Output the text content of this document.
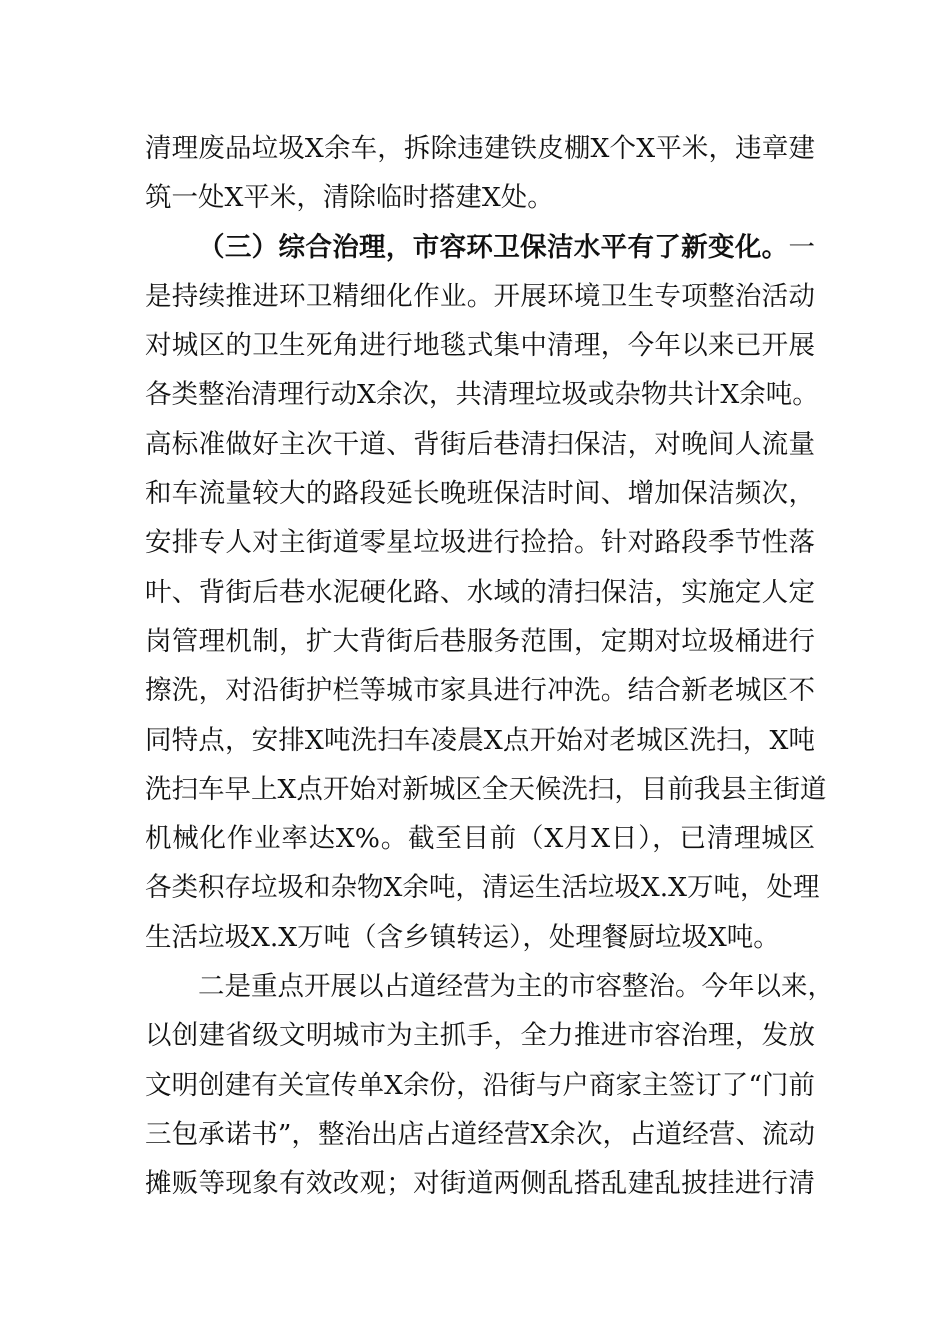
清理废品垃圾X余车，拆除违建铁皮棚X个X平米，违章建
筑一处X平米，清除临时搭建X处。
（三）综合治理，市容环卫保洁水平有了新变化。一
是持续推进环卫精细化作业。开展环境卫生专项整治活动
对城区的卫生死角进行地毯式集中清理，今年以来已开展
各类整治清理行动X余次，共清理垃圾或杂物共计X余吨。
高标准做好主次干道、背街后巷清扫保洁，对晚间人流量
和车流量较大的路段延长晚班保洁时间、增加保洁频次，
安排专人对主街道零星垃圾进行捡拾。针对路段季节性落
叶、背街后巷水泥硬化路、水域的清扫保洁，实施定人定
岗管理机制，扩大背街后巷服务范围，定期对垃圾桶进行
擦洗，对沿街护栏等城市家具进行冲洗。结合新老城区不
同特点，安排X吨洗扫车凌晨X点开始对老城区洗扫，X吨
洗扫车早上X点开始对新城区全天候洗扫，目前我县主街道
机械化作业率达X%。截至目前（X月X日），已清理城区
各类积存垃圾和杂物X余吨，清运生活垃圾X.X万吨，处理
生活垃圾X.X万吨（含乡镇转运），处理餐厨垃圾X吨。
二是重点开展以占道经营为主的市容整治。今年以来，
以创建省级文明城市为主抓手，全力推进市容治理，发放
文明创建有关宣传单X余份，沿街与户商家主签订了“门前
三包承诺书”，整治出店占道经营X余次，占道经营、流动
摊贩等现象有效改观；对街道两侧乱搭乱建乱披挂进行清
